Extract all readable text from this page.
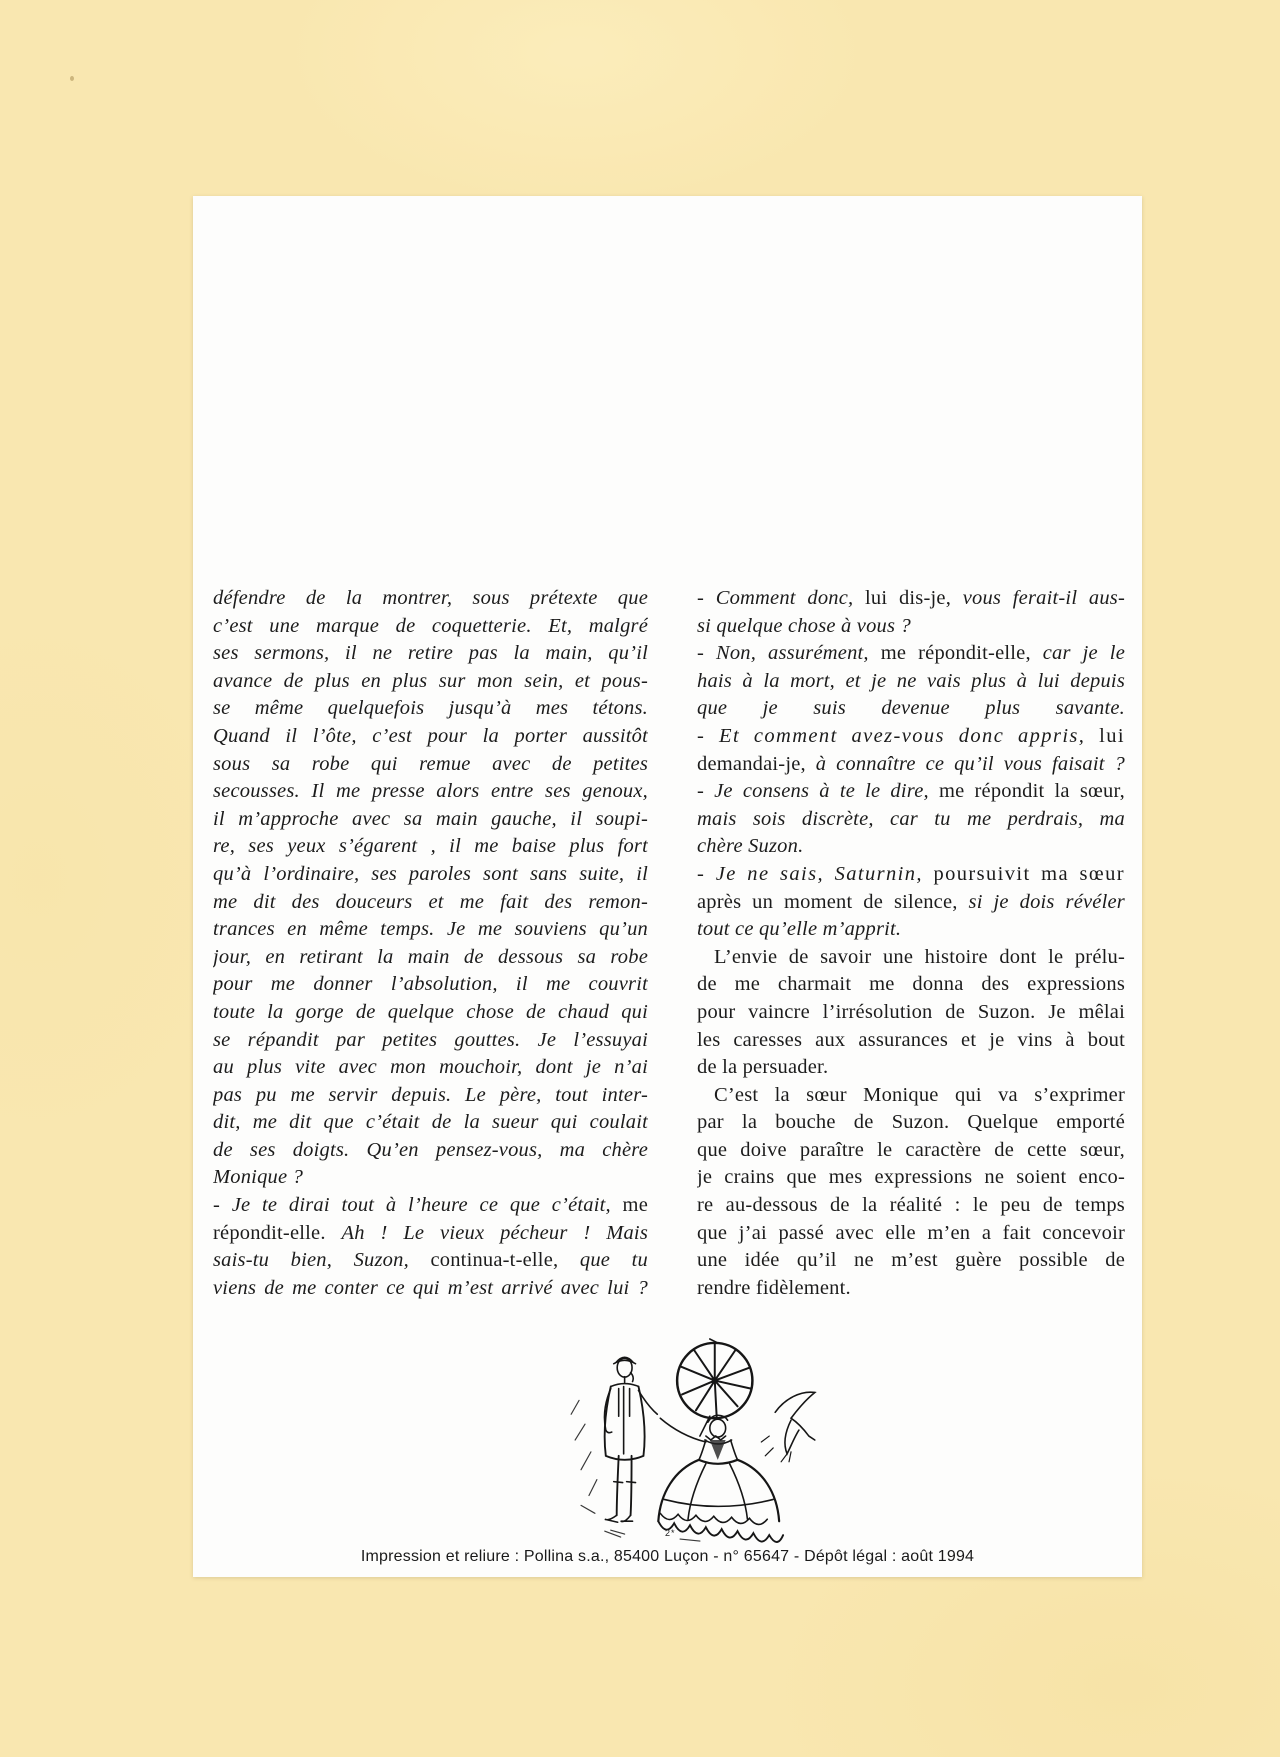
défendre de la montrer, sous prétexte que
c’est une marque de coquetterie. Et, malgré
ses sermons, il ne retire pas la main, qu’il
avance de plus en plus sur mon sein, et pous-
se même quelquefois jusqu’à mes tétons.
Quand il l’ôte, c’est pour la porter aussitôt
sous sa robe qui remue avec de petites
secousses. Il me presse alors entre ses genoux,
il m’approche avec sa main gauche, il soupi-
re, ses yeux s’égarent , il me baise plus fort
qu’à l’ordinaire, ses paroles sont sans suite, il
me dit des douceurs et me fait des remon-
trances en même temps. Je me souviens qu’un
jour, en retirant la main de dessous sa robe
pour me donner l’absolution, il me couvrit
toute la gorge de quelque chose de chaud qui
se répandit par petites gouttes. Je l’essuyai
au plus vite avec mon mouchoir, dont je n’ai
pas pu me servir depuis. Le père, tout inter-
dit, me dit que c’était de la sueur qui coulait
de ses doigts. Qu’en pensez-vous, ma chère
Monique ?
- Je te dirai tout à l’heure ce que c’était, me
répondit-elle. Ah ! Le vieux pécheur ! Mais
sais-tu bien, Suzon, continua-t-elle, que tu
viens de me conter ce qui m’est arrivé avec lui ?
- Comment donc, lui dis-je, vous ferait-il aus-
si quelque chose à vous ?
- Non, assurément, me répondit-elle, car je le
hais à la mort, et je ne vais plus à lui depuis
que je suis devenue plus savante.
- Et comment avez-vous donc appris, lui
demandai-je, à connaître ce qu’il vous faisait ?
- Je consens à te le dire, me répondit la sœur,
mais sois discrète, car tu me perdrais, ma
chère Suzon.
- Je ne sais, Saturnin, poursuivit ma sœur
après un moment de silence, si je dois révéler
tout ce qu’elle m’apprit.
L’envie de savoir une histoire dont le prélu-
de me charmait me donna des expressions
pour vaincre l’irrésolution de Suzon. Je mêlai
les caresses aux assurances et je vins à bout
de la persuader.
C’est la sœur Monique qui va s’exprimer
par la bouche de Suzon. Quelque emporté
que doive paraître le caractère de cette sœur,
je crains que mes expressions ne soient enco-
re au-dessous de la réalité : le peu de temps
que j’ai passé avec elle m’en a fait concevoir
une idée qu’il ne m’est guère possible de
rendre fidèlement.
2*
Impression et reliure : Pollina s.a., 85400 Luçon - n° 65647 - Dépôt légal : août 1994
